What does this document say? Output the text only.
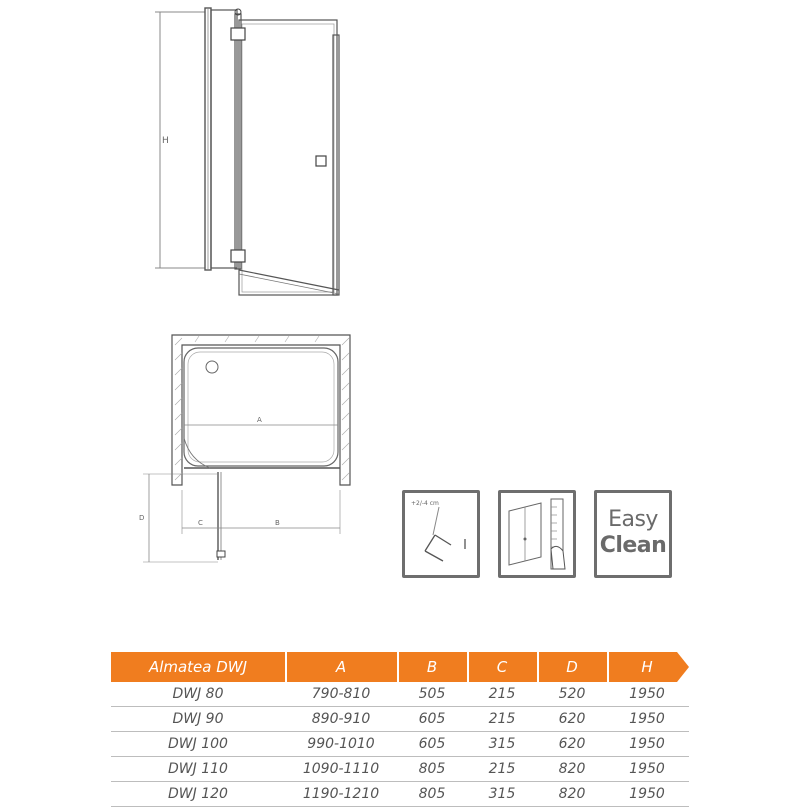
H
A
C	B
D
+2/-4 cm
Easy
Clean
Almatea DWJ	A	B	C	D	H
DWJ 80	790-810	505	215	520	1950
DWJ 90	890-910	605	215	620	1950
DWJ 100	990-1010	605	315	620	1950
DWJ 110	1090-1110	805	215	820	1950
DWJ 120	1190-1210	805	315	820	1950
